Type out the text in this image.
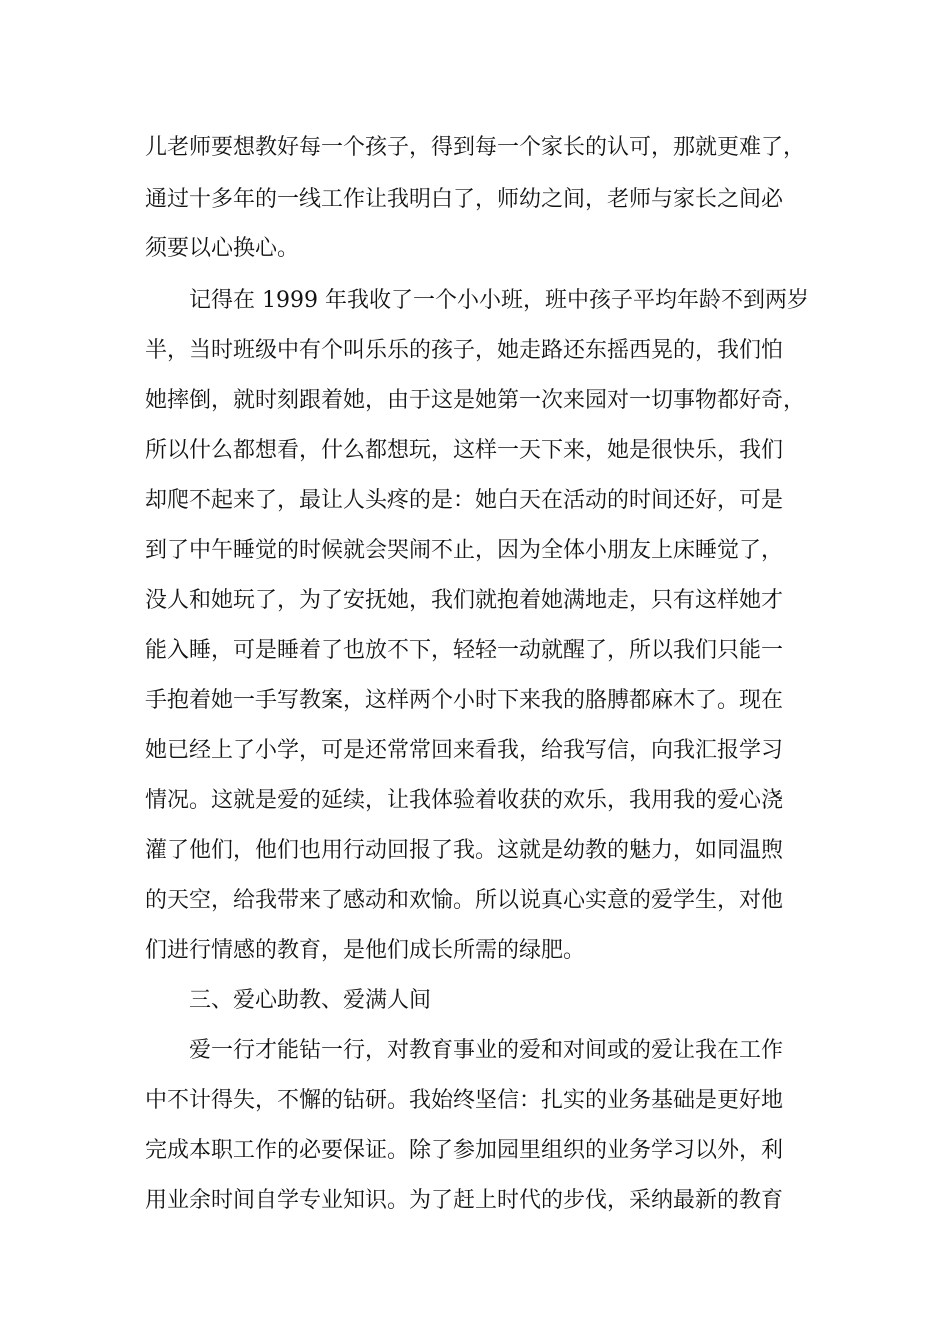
儿老师要想教好每一个孩子，得到每一个家长的认可，那就更难了，
通过十多年的一线工作让我明白了，师幼之间，老师与家长之间必
须要以心换心。
记得在 1999 年我收了一个小小班，班中孩子平均年龄不到两岁
半，当时班级中有个叫乐乐的孩子，她走路还东摇西晃的，我们怕
她摔倒，就时刻跟着她，由于这是她第一次来园对一切事物都好奇，
所以什么都想看，什么都想玩，这样一天下来，她是很快乐，我们
却爬不起来了，最让人头疼的是：她白天在活动的时间还好，可是
到了中午睡觉的时候就会哭闹不止，因为全体小朋友上床睡觉了，
没人和她玩了，为了安抚她，我们就抱着她满地走，只有这样她才
能入睡，可是睡着了也放不下，轻轻一动就醒了，所以我们只能一
手抱着她一手写教案，这样两个小时下来我的胳膊都麻木了。现在
她已经上了小学，可是还常常回来看我，给我写信，向我汇报学习
情况。这就是爱的延续，让我体验着收获的欢乐，我用我的爱心浇
灌了他们，他们也用行动回报了我。这就是幼教的魅力，如同温煦
的天空，给我带来了感动和欢愉。所以说真心实意的爱学生，对他
们进行情感的教育，是他们成长所需的绿肥。
三、爱心助教、爱满人间
爱一行才能钻一行，对教育事业的爱和对间或的爱让我在工作
中不计得失，不懈的钻研。我始终坚信：扎实的业务基础是更好地
完成本职工作的必要保证。除了参加园里组织的业务学习以外，利
用业余时间自学专业知识。为了赶上时代的步伐，采纳最新的教育
